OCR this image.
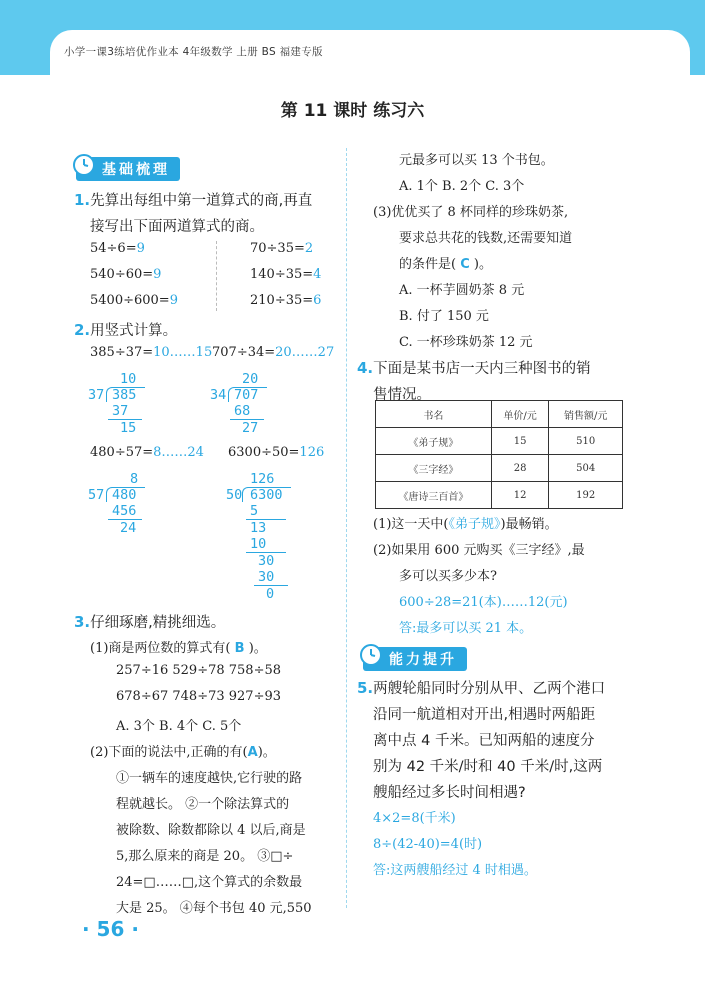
小学一课3练培优作业本 4年级数学 上册 BS 福建专版
第 11 课时 练习六
基础梳理
1.先算出每组中第一道算式的商,再直
接写出下面两道算式的商。
54÷6=9	70÷35=2
540÷60=9	140÷35=4
5400÷600=9	210÷35=6
2.用竖式计算。
385÷37=10……15 707÷34=20……27
10
37 385
37
15
20
34 707
68
27
480÷57=8……24 6300÷50=126
8
57 480
456
24
126
50 6300
5
13
10
30
30
0
3.仔细琢磨,精挑细选。
(1)商是两位数的算式有( B )。
257÷16 529÷78 758÷58
678÷67 748÷73 927÷93
A. 3个 B. 4个 C. 5个
(2)下面的说法中,正确的有(A)。
①一辆车的速度越快,它行驶的路
程就越长。 ②一个除法算式的
被除数、除数都除以 4 以后,商是
5,那么原来的商是 20。 ③□÷
24=□……□,这个算式的余数最
大是 25。 ④每个书包 40 元,550
元最多可以买 13 个书包。
A. 1个 B. 2个 C. 3个
(3)优优买了 8 杯同样的珍珠奶茶,
要求总共花的钱数,还需要知道
的条件是( C )。
A. 一杯芋圆奶茶 8 元
B. 付了 150 元
C. 一杯珍珠奶茶 12 元
4.下面是某书店一天内三种图书的销
售情况。
书名	单价/元	销售额/元
《弟子规》	15	510
《三字经》	28	504
《唐诗三百首》	12	192
(1)这一天中(《弟子规》)最畅销。
(2)如果用 600 元购买《三字经》,最
多可以买多少本?
600÷28=21(本)……12(元)
答:最多可以买 21 本。
能力提升
5.两艘轮船同时分别从甲、乙两个港口
沿同一航道相对开出,相遇时两船距
离中点 4 千米。已知两船的速度分
别为 42 千米/时和 40 千米/时,这两
艘船经过多长时间相遇?
4×2=8(千米)
8÷(42-40)=4(时)
答:这两艘船经过 4 时相遇。
· 56 ·
